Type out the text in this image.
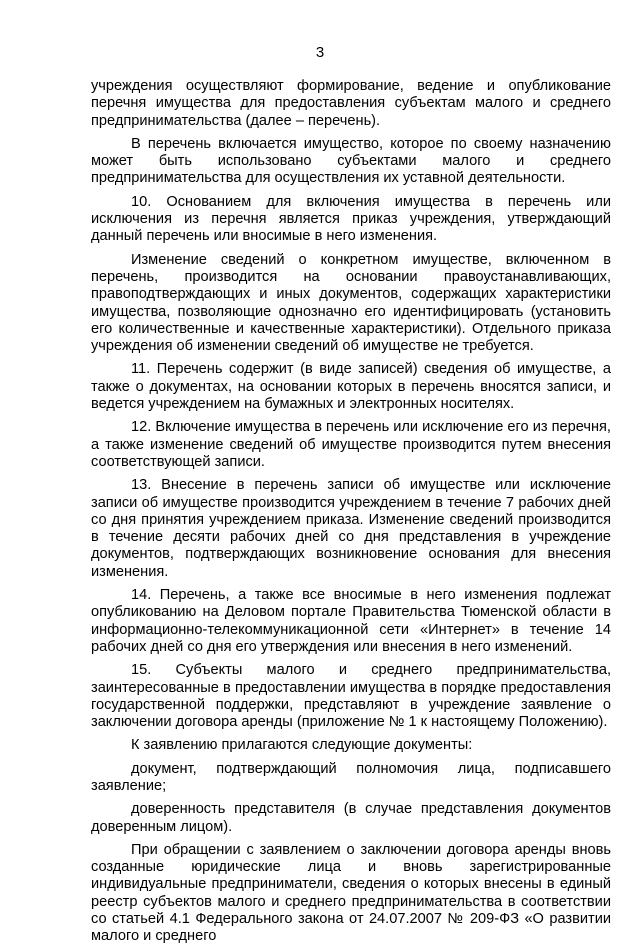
3

учреждения осуществляют формирование, ведение и опубликование перечня имущества для предоставления субъектам малого и среднего предпринимательства (далее – перечень).

В перечень включается имущество, которое по своему назначению может быть использовано субъектами малого и среднего предпринимательства для осуществления их уставной деятельности.

10. Основанием для включения имущества в перечень или исключения из перечня является приказ учреждения, утверждающий данный перечень или вносимые в него изменения.

Изменение сведений о конкретном имуществе, включенном в перечень, производится на основании правоустанавливающих, правоподтверждающих и иных документов, содержащих характеристики имущества, позволяющие однозначно его идентифицировать (установить его количественные и качественные характеристики). Отдельного приказа учреждения об изменении сведений об имуществе не требуется.

11. Перечень содержит (в виде записей) сведения об имуществе, а также о документах, на основании которых в перечень вносятся записи, и ведется учреждением на бумажных и электронных носителях.

12. Включение имущества в перечень или исключение его из перечня, а также изменение сведений об имуществе производится путем внесения соответствующей записи.

13. Внесение в перечень записи об имуществе или исключение записи об имуществе производится учреждением в течение 7 рабочих дней со дня принятия учреждением приказа. Изменение сведений производится в течение десяти рабочих дней со дня представления в учреждение документов, подтверждающих возникновение основания для внесения изменения.

14. Перечень, а также все вносимые в него изменения подлежат опубликованию на Деловом портале Правительства Тюменской области в информационно-телекоммуникационной сети «Интернет» в течение 14 рабочих дней со дня его утверждения или внесения в него изменений.

15. Субъекты малого и среднего предпринимательства, заинтересованные в предоставлении имущества в порядке предоставления государственной поддержки, представляют в учреждение заявление о заключении договора аренды (приложение № 1 к настоящему Положению).

К заявлению прилагаются следующие документы:

документ, подтверждающий полномочия лица, подписавшего заявление;

доверенность представителя (в случае представления документов доверенным лицом).

При обращении с заявлением о заключении договора аренды вновь созданные юридические лица и вновь зарегистрированные индивидуальные предприниматели, сведения о которых внесены в единый реестр субъектов малого и среднего предпринимательства в соответствии со статьей 4.1 Федерального закона от 24.07.2007 № 209-ФЗ «О развитии малого и среднего
